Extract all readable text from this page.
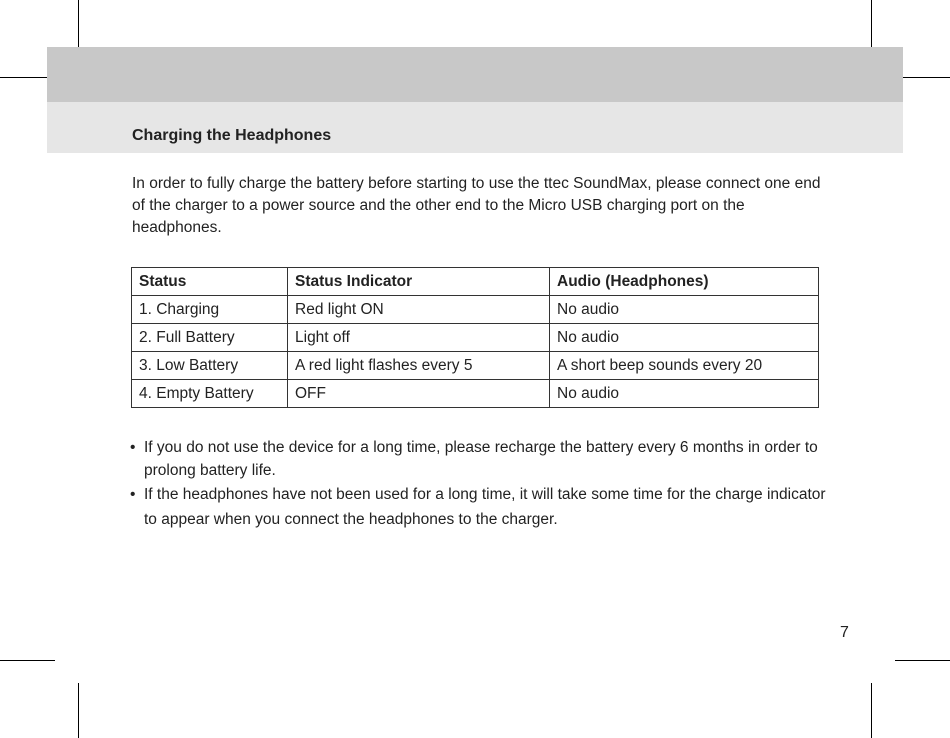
Charging the Headphones
In order to fully charge the battery before starting to use the ttec SoundMax, please connect one end of the charger to a power source and the other end to the Micro USB charging port on the headphones.
Status	Status Indicator	Audio (Headphones)
1. Charging	Red light ON	No audio
2. Full Battery	Light off	No audio
3. Low Battery	A red light flashes every 5	A short beep sounds every 20
4. Empty Battery	OFF	No audio
• If you do not use the device for a long time, please recharge the battery every 6 months in order to prolong battery life.
• If the headphones have not been used for a long time, it will take some time for the charge indicator to appear when you connect the headphones to the charger.
7
